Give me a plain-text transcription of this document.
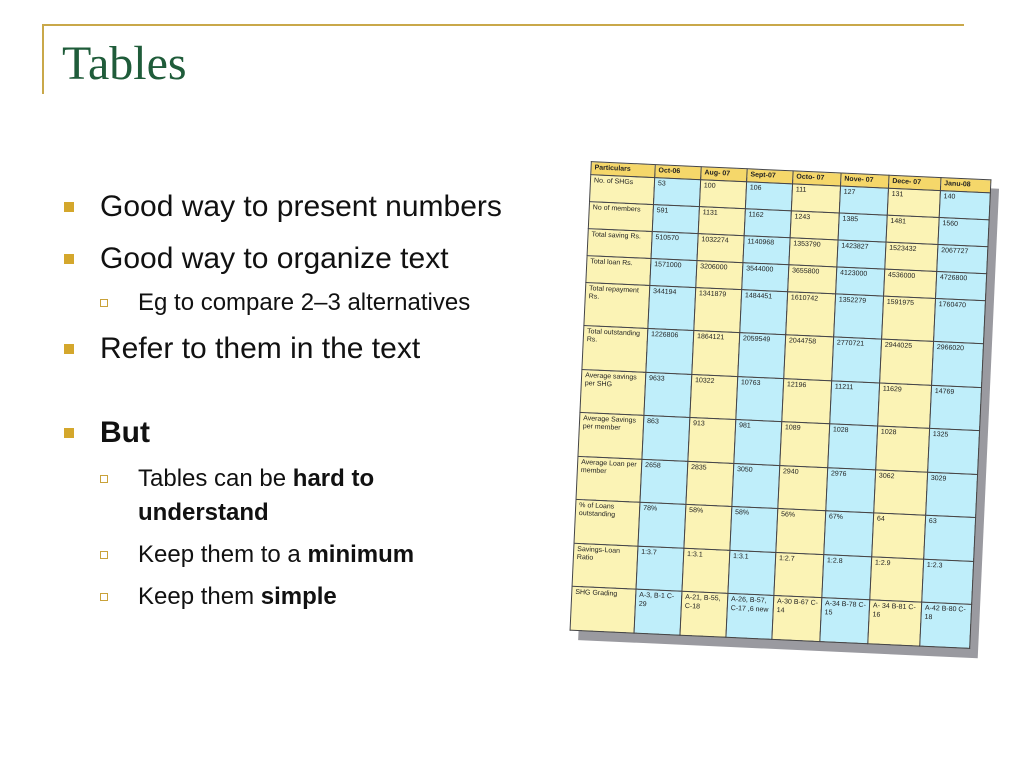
Tables
Good way to present numbers
Good way to organize text
Eg to compare 2–3 alternatives
Refer to them in the text
But
Tables can be hard to understand
Keep them to a minimum
Keep them simple
Particulars	Oct-06	Aug- 07	Sept-07	Octo- 07	Nove- 07	Dece- 07	Janu-08
No. of SHGs	53	100	106	111	127	131	140
No of members	591	1131	1162	1243	1385	1481	1560
Total saving Rs.	510570	1032274	1140968	1353790	1423827	1523432	2067727
Total loan Rs.	1571000	3206000	3544000	3655800	4123000	4536000	4726800
Total repayment Rs.	344194	1341879	1484451	1610742	1352279	1591975	1760470
Total outstanding Rs.	1226806	1864121	2059549	2044758	2770721	2944025	2966020
Average savings per SHG	9633	10322	10763	12196	11211	11629	14769
Average Savings per member	863	913	981	1089	1028	1028	1325
Average Loan per member	2658	2835	3050	2940	2976	3062	3029
% of Loans outstanding	78%	58%	58%	56%	67%	64	63
Savings-Loan Ratio	1:3.7	1:3.1	1:3.1	1:2.7	1:2.8	1:2.9	1:2.3
SHG Grading	A-3, B-1 C-29	A-21, B-55, C-18	A-26, B-57, C-17 ,6 new	A-30 B-67 C-14	A-34 B-78 C-15	A- 34 B-81 C-16	A-42 B-80 C-18
